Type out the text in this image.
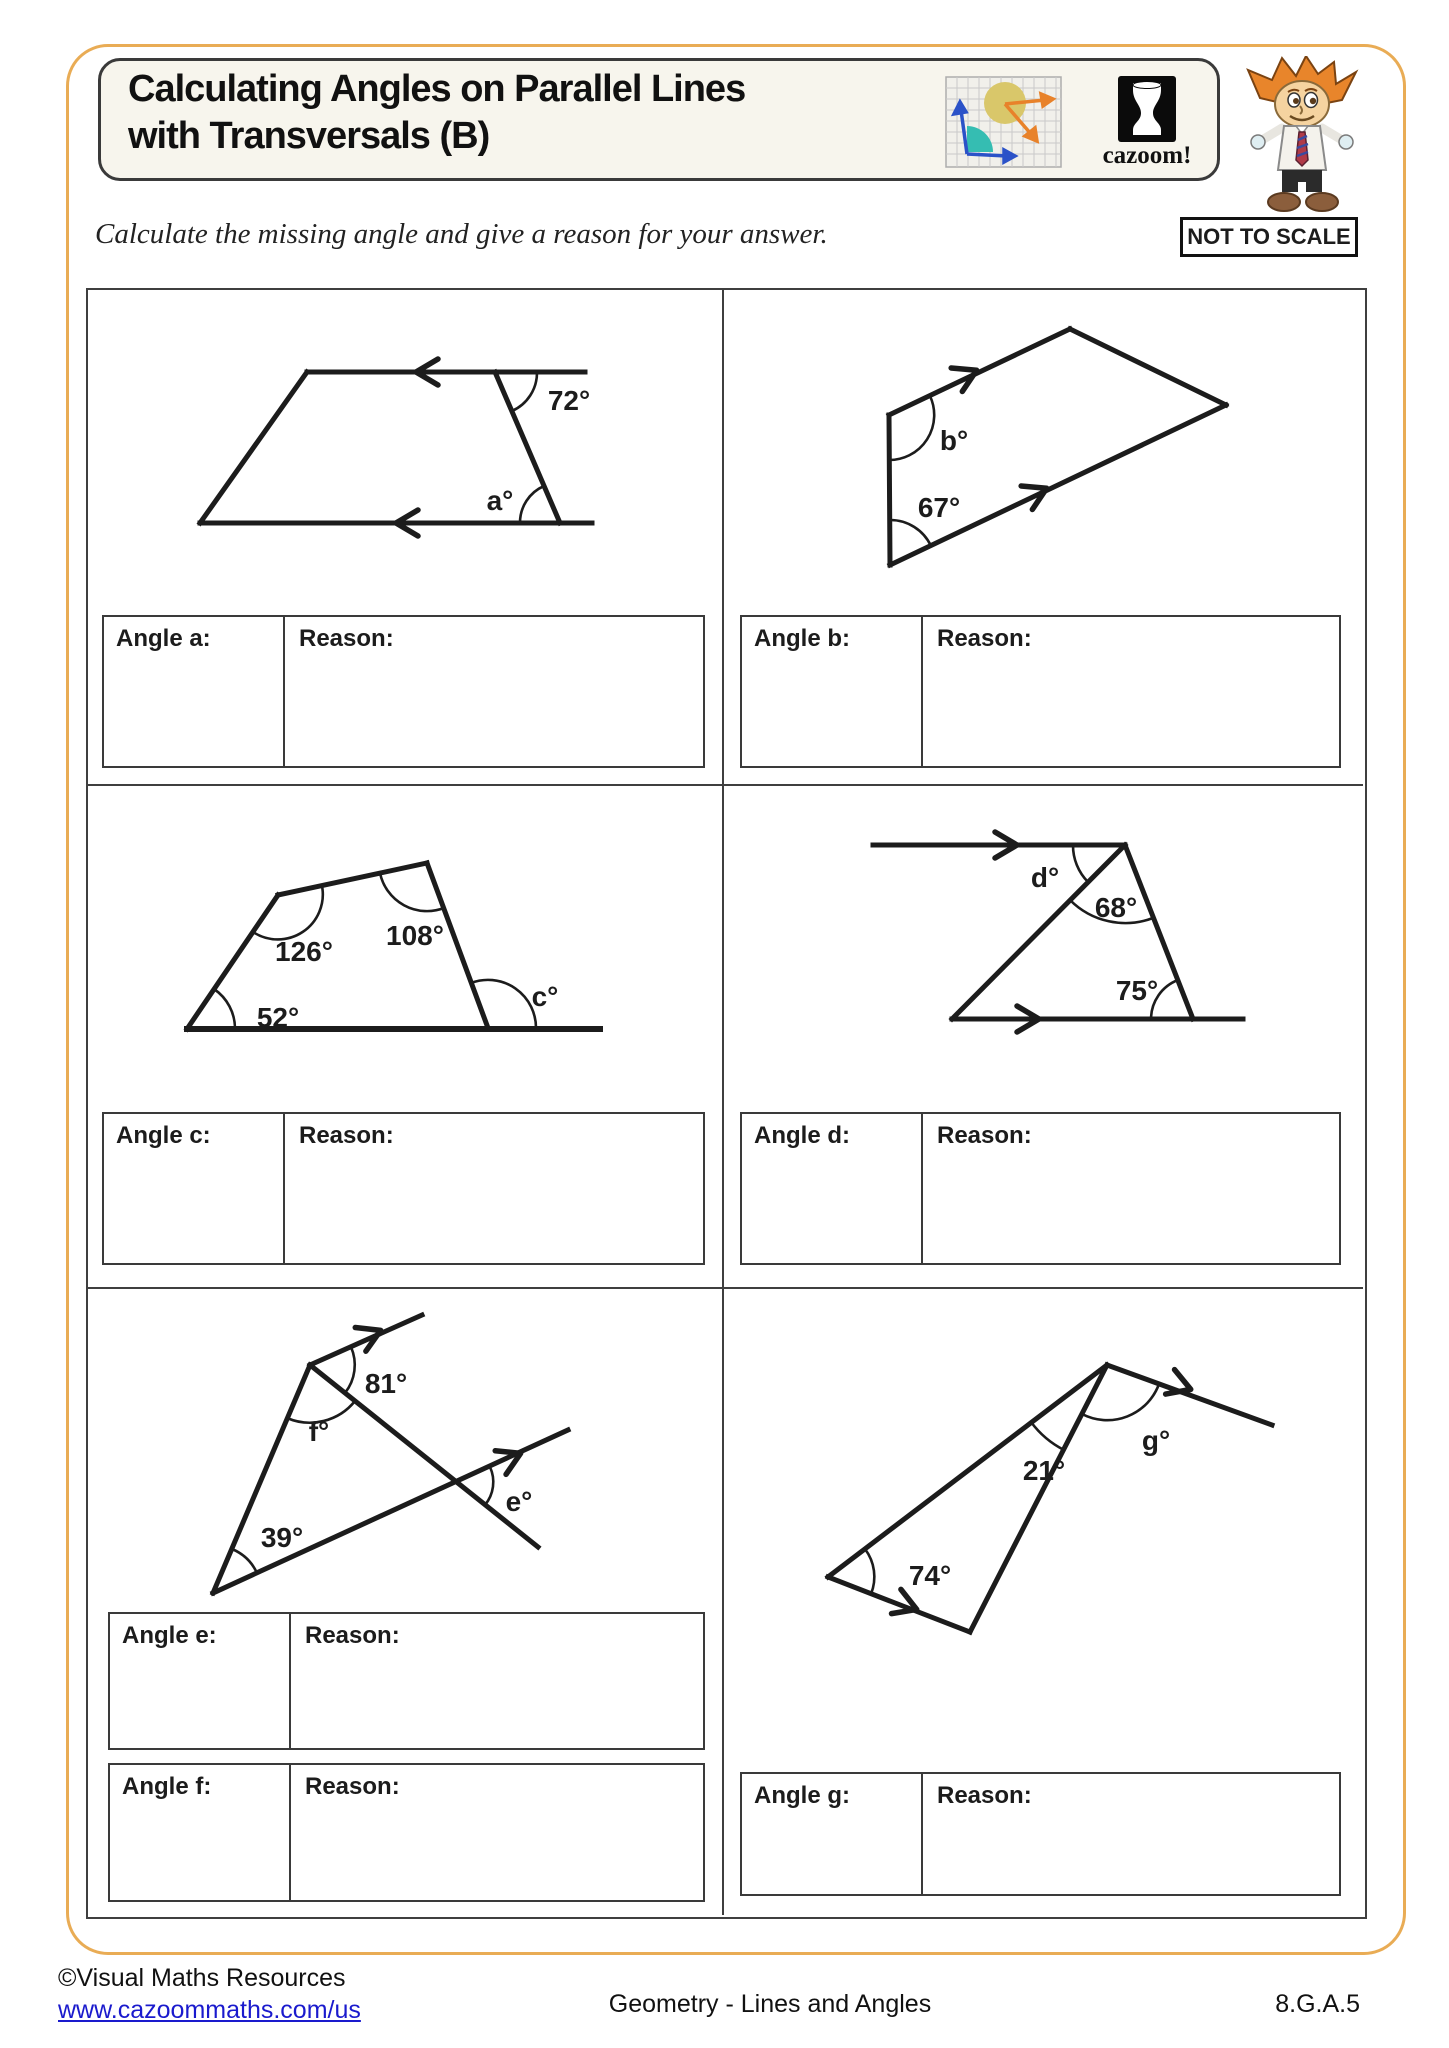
Calculating Angles on Parallel Lines
with Transversals (B)	cazoom!
NOT TO SCALE
Calculate the missing angle and give a reason for your answer.
72°
a°
b°
67°
126°
108°
52°
c°
d°
68°
75°
81°
f°
39°
e°
g°
21°
74°
Angle a:	Reason:	Angle b:	Reason:
Angle c:	Reason:	Angle d:	Reason:
Angle e:	Reason:
Angle f:	Reason:	Angle g:	Reason:
©Visual Maths Resources
www.cazoommaths.com/us	Geometry - Lines and Angles	8.G.A.5
